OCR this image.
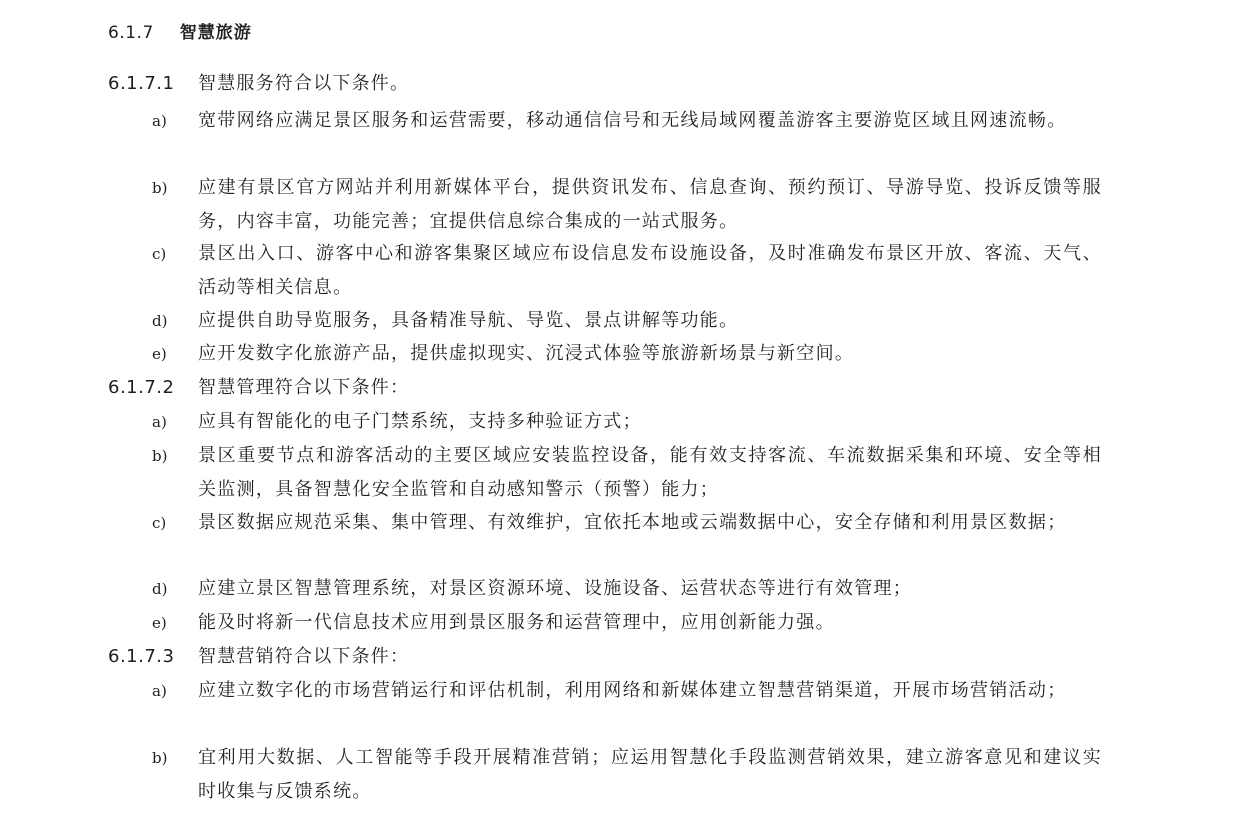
6.1.7 智慧旅游
6.1.7.1 智慧服务符合以下条件。
a)	宽带网络应满足景区服务和运营需要，移动通信信号和无线局域网覆盖游客主要游览区域且网速流畅。
b)	应建有景区官方网站并利用新媒体平台，提供资讯发布、信息查询、预约预订、导游导览、投诉反馈等服务，内容丰富，功能完善；宜提供信息综合集成的一站式服务。
c)	景区出入口、游客中心和游客集聚区域应布设信息发布设施设备，及时准确发布景区开放、客流、天气、活动等相关信息。
d)	应提供自助导览服务，具备精准导航、导览、景点讲解等功能。
e)	应开发数字化旅游产品，提供虚拟现实、沉浸式体验等旅游新场景与新空间。
6.1.7.2 智慧管理符合以下条件：
a)	应具有智能化的电子门禁系统，支持多种验证方式；
b)	景区重要节点和游客活动的主要区域应安装监控设备，能有效支持客流、车流数据采集和环境、安全等相关监测，具备智慧化安全监管和自动感知警示（预警）能力；
c)	景区数据应规范采集、集中管理、有效维护，宜依托本地或云端数据中心，安全存储和利用景区数据；
d)	应建立景区智慧管理系统，对景区资源环境、设施设备、运营状态等进行有效管理；
e)	能及时将新一代信息技术应用到景区服务和运营管理中，应用创新能力强。
6.1.7.3 智慧营销符合以下条件：
a)	应建立数字化的市场营销运行和评估机制，利用网络和新媒体建立智慧营销渠道，开展市场营销活动；
b)	宜利用大数据、人工智能等手段开展精准营销；应运用智慧化手段监测营销效果，建立游客意见和建议实时收集与反馈系统。
